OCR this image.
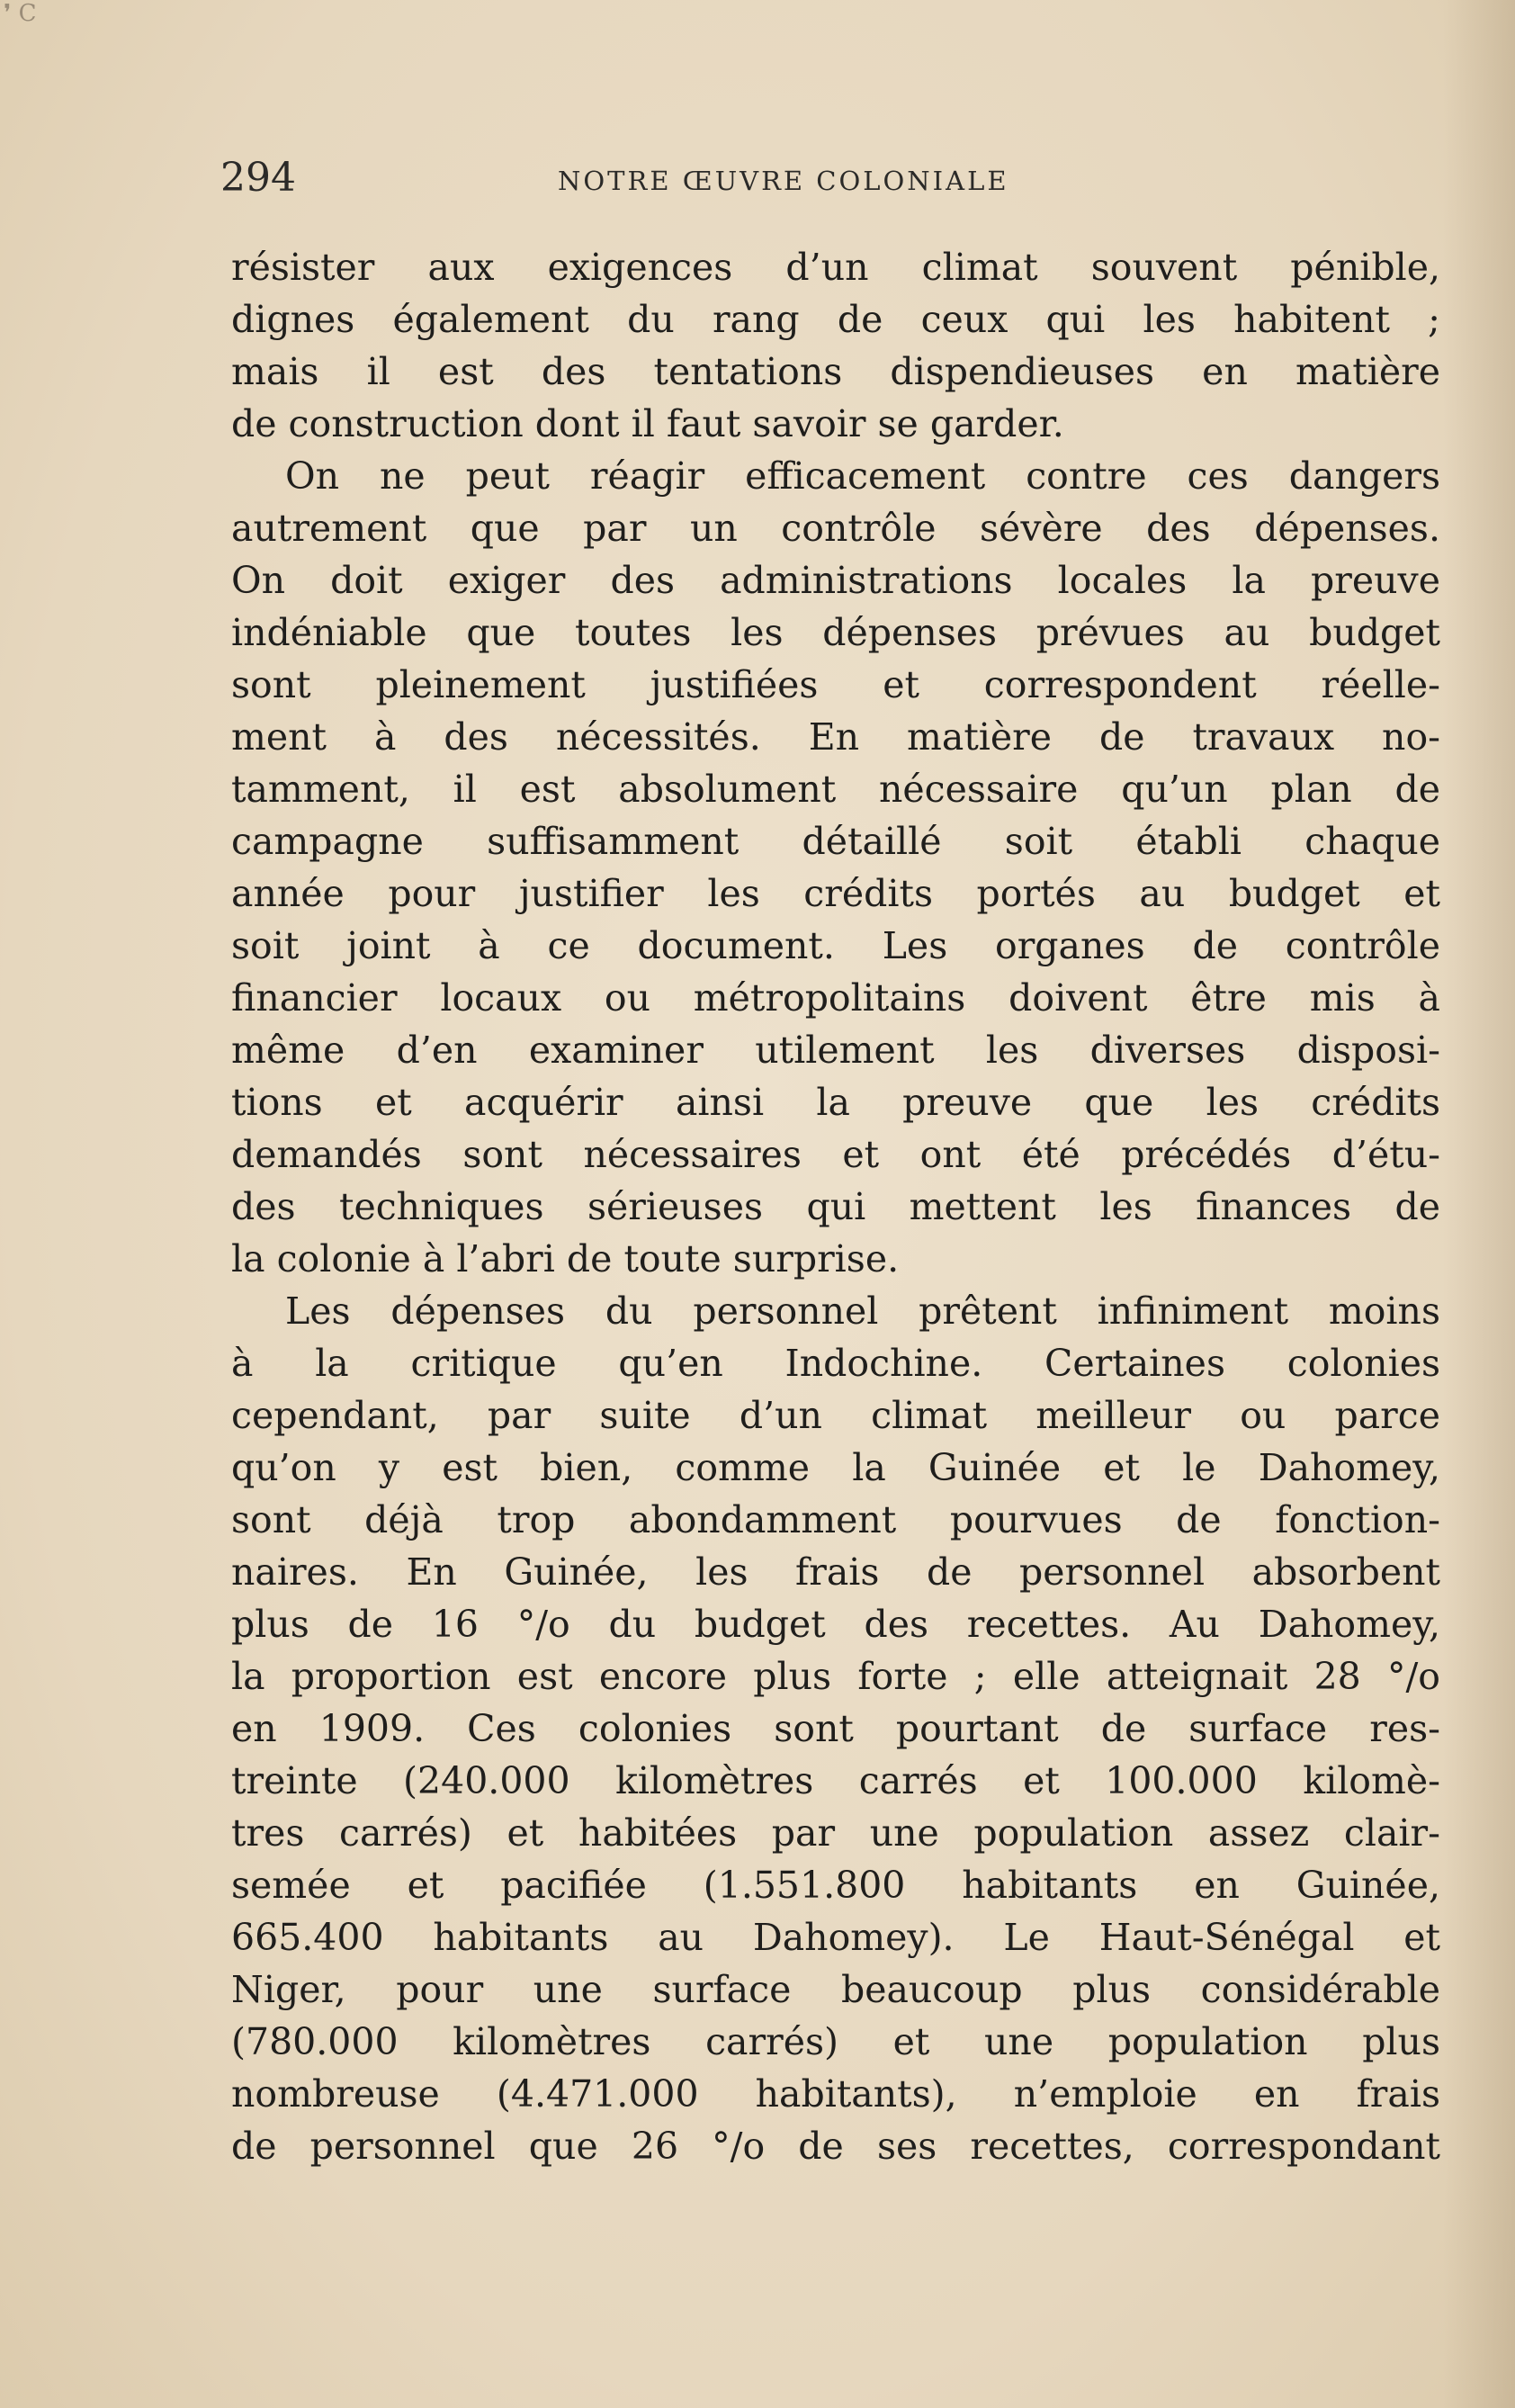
❜ C
294	NOTRE ŒUVRE COLONIALE
résister aux exigences d’un climat souvent pénible,
dignes également du rang de ceux qui les habitent ;
mais il est des tentations dispendieuses en matière
de construction dont il faut savoir se garder.
On ne peut réagir efficacement contre ces dangers
autrement que par un contrôle sévère des dépenses.
On doit exiger des administrations locales la preuve
indéniable que toutes les dépenses prévues au budget
sont pleinement justifiées et correspondent réelle-
ment à des nécessités. En matière de travaux no-
tamment, il est absolument nécessaire qu’un plan de
campagne suffisamment détaillé soit établi chaque
année pour justifier les crédits portés au budget et
soit joint à ce document. Les organes de contrôle
financier locaux ou métropolitains doivent être mis à
même d’en examiner utilement les diverses disposi-
tions et acquérir ainsi la preuve que les crédits
demandés sont nécessaires et ont été précédés d’étu-
des techniques sérieuses qui mettent les finances de
la colonie à l’abri de toute surprise.
Les dépenses du personnel prêtent infiniment moins
à la critique qu’en Indochine. Certaines colonies
cependant, par suite d’un climat meilleur ou parce
qu’on y est bien, comme la Guinée et le Dahomey,
sont déjà trop abondamment pourvues de fonction-
naires. En Guinée, les frais de personnel absorbent
plus de 16 °/o du budget des recettes. Au Dahomey,
la proportion est encore plus forte ; elle atteignait 28 °/o
en 1909. Ces colonies sont pourtant de surface res-
treinte (240.000 kilomètres carrés et 100.000 kilomè-
tres carrés) et habitées par une population assez clair-
semée et pacifiée (1.551.800 habitants en Guinée,
665.400 habitants au Dahomey). Le Haut-Sénégal et
Niger, pour une surface beaucoup plus considérable
(780.000 kilomètres carrés) et une population plus
nombreuse (4.471.000 habitants), n’emploie en frais
de personnel que 26 °/o de ses recettes, correspondant
